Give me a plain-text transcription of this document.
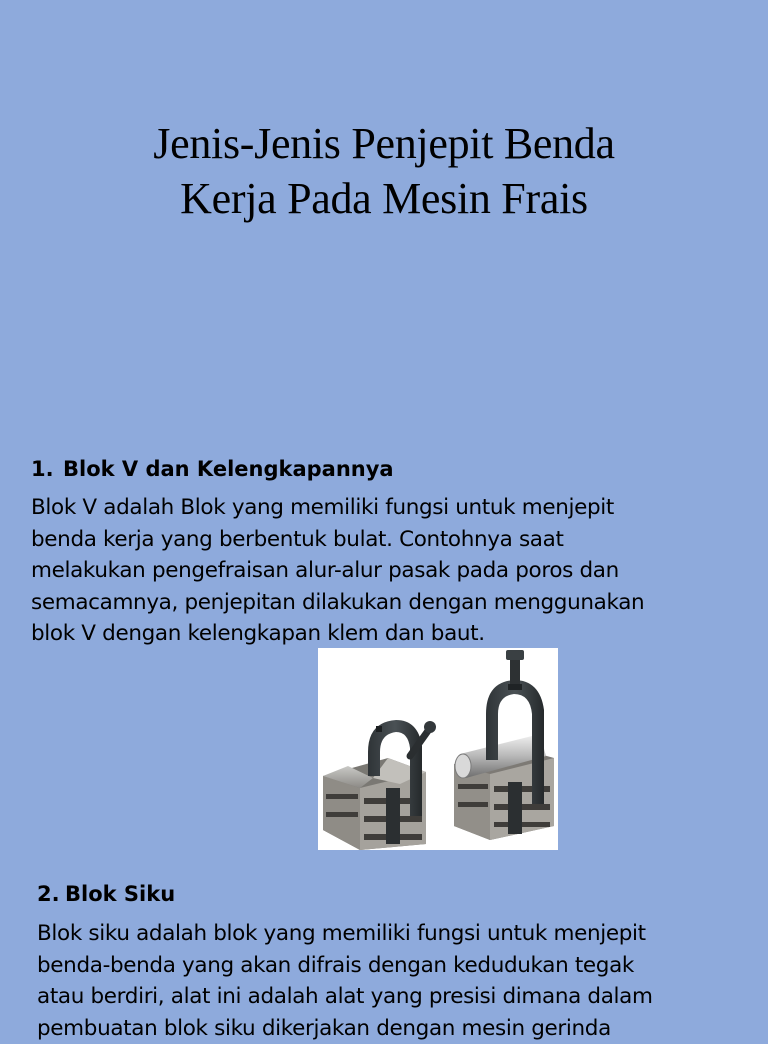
Jenis-Jenis Penjepit Benda
Kerja Pada Mesin Frais
1. Blok V dan Kelengkapannya
Blok V adalah Blok yang memiliki fungsi untuk menjepit
benda kerja yang berbentuk bulat. Contohnya saat
melakukan pengefraisan alur-alur pasak pada poros dan
semacamnya, penjepitan dilakukan dengan menggunakan
blok V dengan kelengkapan klem dan baut.
2. Blok Siku
Blok siku adalah blok yang memiliki fungsi untuk menjepit
benda-benda yang akan difrais dengan kedudukan tegak
atau berdiri, alat ini adalah alat yang presisi dimana dalam
pembuatan blok siku dikerjakan dengan mesin gerinda
